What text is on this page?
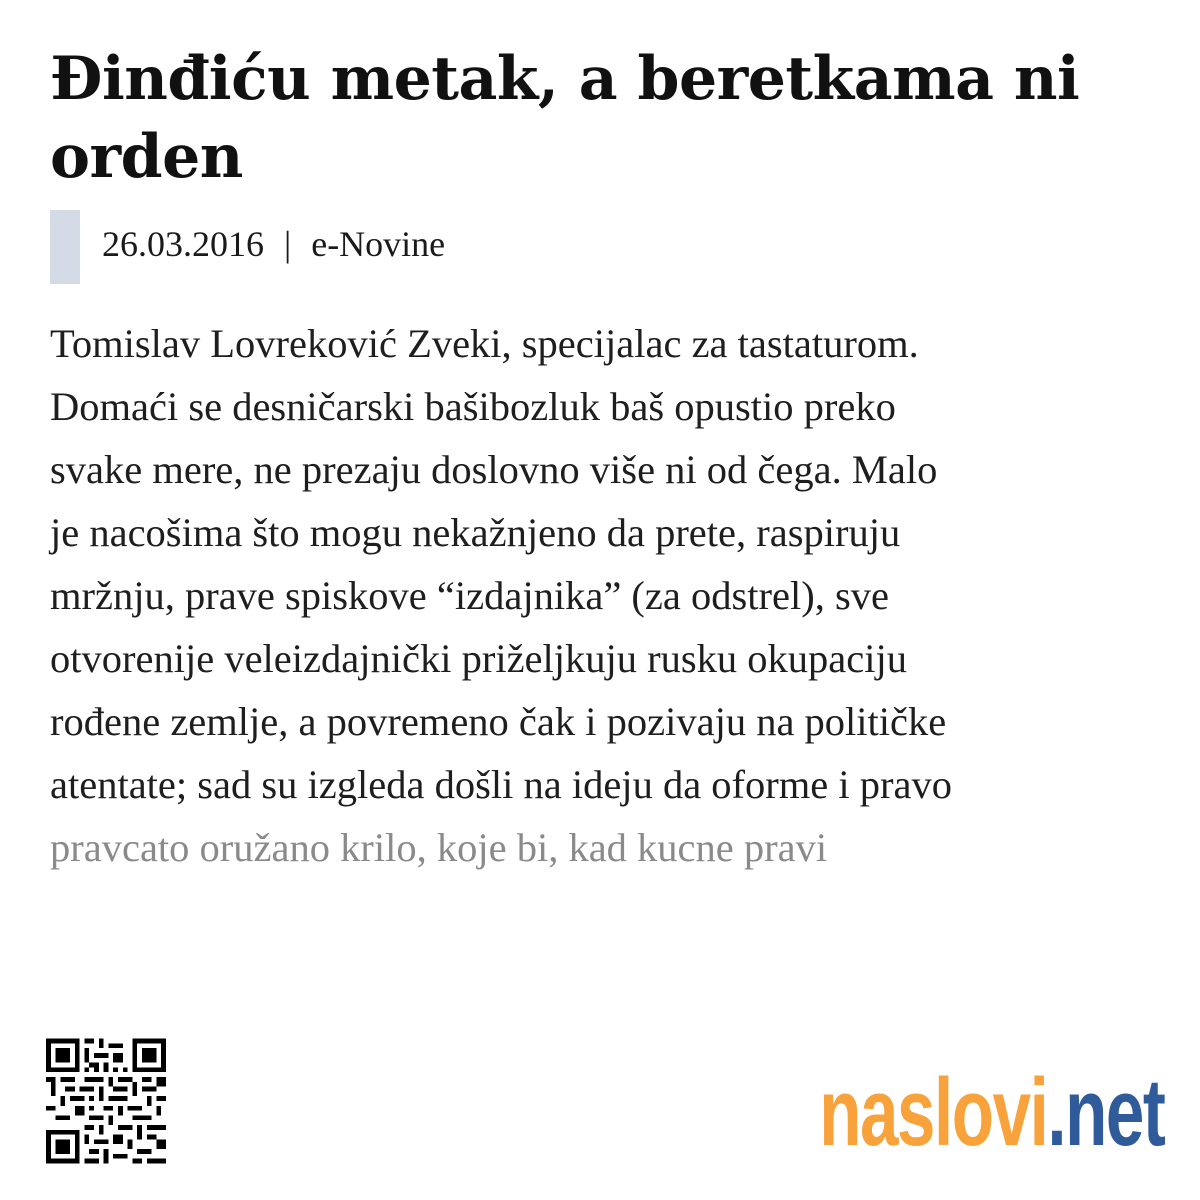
Đinđiću metak, a beretkama ni orden
26.03.2016 | e-Novine
Tomislav Lovreković Zveki, specijalac za tastaturom.
Domaći se desničarski bašibozluk baš opustio preko
svake mere, ne prezaju doslovno više ni od čega. Malo
je nacošima što mogu nekažnjeno da prete, raspiruju
mržnju, prave spiskove “izdajnika” (za odstrel), sve
otvorenije veleizdajnički priželjkuju rusku okupaciju
rođene zemlje, a povremeno čak i pozivaju na političke
atentate; sad su izgleda došli na ideju da oforme i pravo
pravcato oružano krilo, koje bi, kad kucne pravi
naslovi.net
